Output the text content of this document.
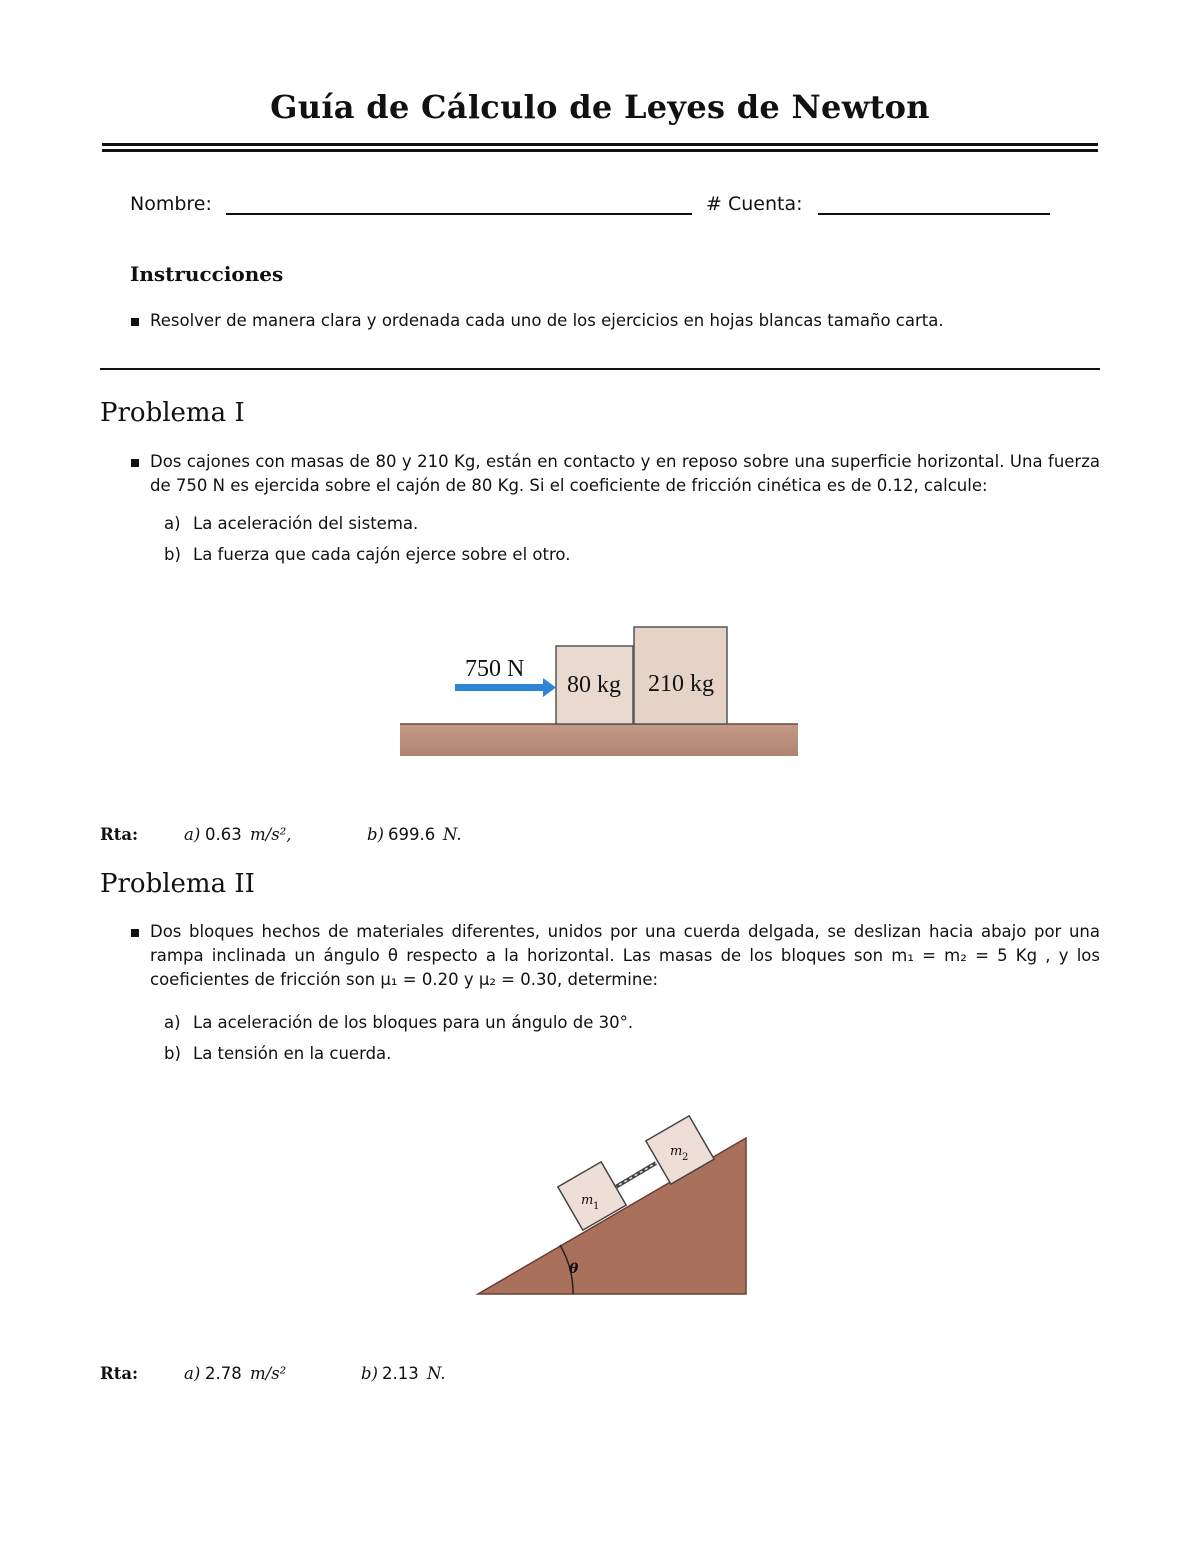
Guía de Cálculo de Leyes de Newton
Nombre:	# Cuenta:
Instrucciones
Resolver de manera clara y ordenada cada uno de los ejercicios en hojas blancas tamaño carta.
Problema I
Dos cajones con masas de 80 y 210 Kg, están en contacto y en reposo sobre una superficie horizontal. Una fuerza de 750 N es ejercida sobre el cajón de 80 Kg. Si el coeficiente de fricción cinética es de 0.12, calcule:
a) La aceleración del sistema.
b) La fuerza que cada cajón ejerce sobre el otro.
750 N
80 kg 210 kg
Rta:	a) 0.63 m/s²,	b) 699.6 N.
Problema II
Dos bloques hechos de materiales diferentes, unidos por una cuerda delgada, se deslizan hacia abajo por una
rampa inclinada un ángulo θ respecto a la horizontal. Las masas de los bloques son m₁ = m₂ = 5 Kg , y los
coeficientes de fricción son μ₁ = 0.20 y μ₂ = 0.30, determine:
a) La aceleración de los bloques para un ángulo de 30°.
b) La tensión en la cuerda.
θ
m 1
m 2
Rta:	a) 2.78 m/s²	b) 2.13 N.
